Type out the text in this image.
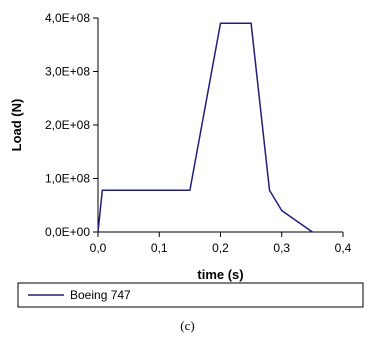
0,0E+00
1,0E+08
2,0E+08
3,0E+08
4,0E+08
0,0	0,1	0,2	0,3	0,4
Load (N)
time (s)
Boeing 747
(c)
